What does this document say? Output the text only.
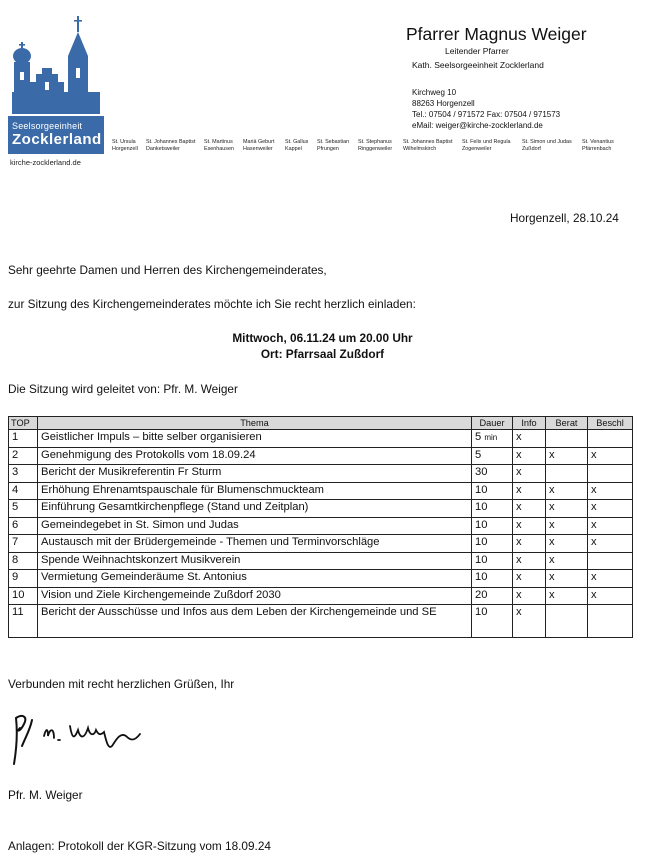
Seelsorgeeinheit
Zocklerland
kirche-zocklerland.de
St. Ursula
Horgenzell
St. Johannes Baptist
Danketsweiler
St. Martinus
Esenhausen
Mariä Geburt
Hasenweiler
St. Gallus
Kappel
St. Sebastian
Pfrungen
St. Stephanus
Ringgenweiler
St. Johannes Baptist
Wilhelmskirch
St. Felix und Regula
Zogenweiler
St. Simon und Judas
Zußdorf
St. Venantius
Pfärrenbach
Pfarrer Magnus Weiger
Leitender Pfarrer
Kath. Seelsorgeeinheit Zocklerland
Kirchweg 10
88263 Horgenzell
Tel.: 07504 / 971572 Fax: 07504 / 971573
eMail: weiger@kirche-zocklerland.de
Horgenzell, 28.10.24
Sehr geehrte Damen und Herren des Kirchengemeinderates,
zur Sitzung des Kirchengemeinderates möchte ich Sie recht herzlich einladen:
Mittwoch, 06.11.24 um 20.00 Uhr
Ort: Pfarrsaal Zußdorf
Die Sitzung wird geleitet von: Pfr. M. Weiger
TOP	Thema	Dauer	Info	Berat	Beschl
1	Geistlicher Impuls – bitte selber organisieren	5 min	x		
2	Genehmigung des Protokolls vom 18.09.24	5	x	x	x
3	Bericht der Musikreferentin Fr Sturm	30	x		
4	Erhöhung Ehrenamtspauschale für Blumenschmuckteam	10	x	x	x
5	Einführung Gesamtkirchenpflege (Stand und Zeitplan)	10	x	x	x
6	Gemeindegebet in St. Simon und Judas	10	x	x	x
7	Austausch mit der Brüdergemeinde - Themen und Terminvorschläge	10	x	x	x
8	Spende Weihnachtskonzert Musikverein	10	x	x	
9	Vermietung Gemeinderäume St. Antonius	10	x	x	x
10	Vision und Ziele Kirchengemeinde Zußdorf 2030	20	x	x	x
11	Bericht der Ausschüsse und Infos aus dem Leben der Kirchengemeinde und SE	10	x		
Verbunden mit recht herzlichen Grüßen, Ihr
Pfr. M. Weiger
Anlagen: Protokoll der KGR-Sitzung vom 18.09.24
